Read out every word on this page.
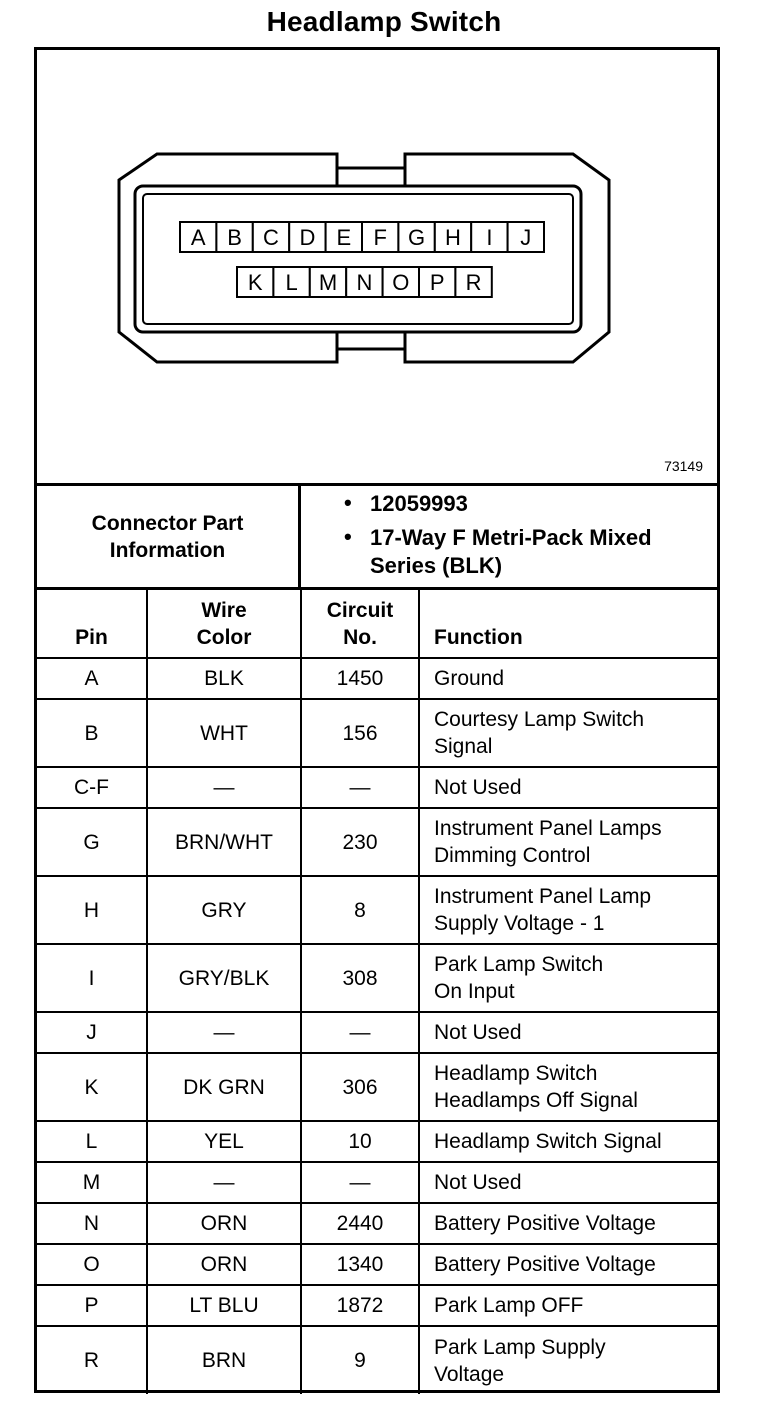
Headlamp Switch
A B C D E F G H I J
K L M N O P R
73149
Connector Part Information
• 12059993
• 17-Way F Metri-Pack Mixed
Series (BLK)
Pin	Wire Color	Circuit No.	Function
A	BLK	1450	Ground

B	WHT	156	Courtesy Lamp Switch
Signal

C-F	—	—	Not Used

G	BRN/WHT	230	Instrument Panel Lamps
Dimming Control

H	GRY	8	Instrument Panel Lamp
Supply Voltage - 1

I	GRY/BLK	308	Park Lamp Switch
On Input

J	—	—	Not Used

K	DK GRN	306	Headlamp Switch
Headlamps Off Signal

L	YEL	10	Headlamp Switch Signal

M	—	—	Not Used

N	ORN	2440	Battery Positive Voltage

O	ORN	1340	Battery Positive Voltage

P	LT BLU	1872	Park Lamp OFF

R	BRN	9	Park Lamp Supply
Voltage
